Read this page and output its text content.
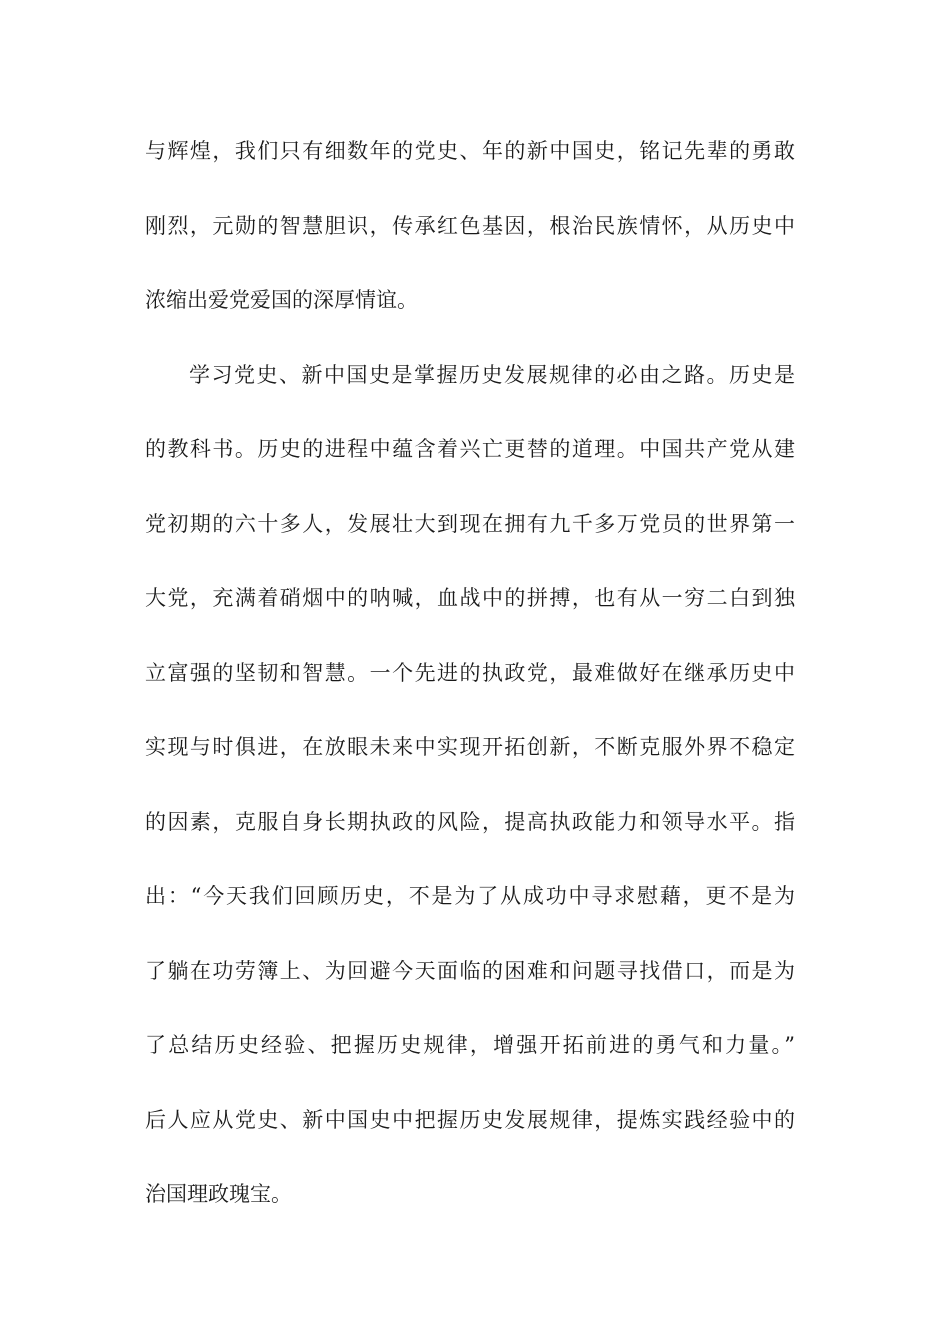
与辉煌，我们只有细数年的党史、年的新中国史，铭记先辈的勇敢
刚烈，元勋的智慧胆识，传承红色基因，根治民族情怀，从历史中
浓缩出爱党爱国的深厚情谊。
学习党史、新中国史是掌握历史发展规律的必由之路。历史是
的教科书。历史的进程中蕴含着兴亡更替的道理。中国共产党从建
党初期的六十多人，发展壮大到现在拥有九千多万党员的世界第一
大党，充满着硝烟中的呐喊，血战中的拼搏，也有从一穷二白到独
立富强的坚韧和智慧。一个先进的执政党，最难做好在继承历史中
实现与时俱进，在放眼未来中实现开拓创新，不断克服外界不稳定
的因素，克服自身长期执政的风险，提高执政能力和领导水平。指
出：“今天我们回顾历史，不是为了从成功中寻求慰藉，更不是为
了躺在功劳簿上、为回避今天面临的困难和问题寻找借口，而是为
了总结历史经验、把握历史规律，增强开拓前进的勇气和力量。”
后人应从党史、新中国史中把握历史发展规律，提炼实践经验中的
治国理政瑰宝。
